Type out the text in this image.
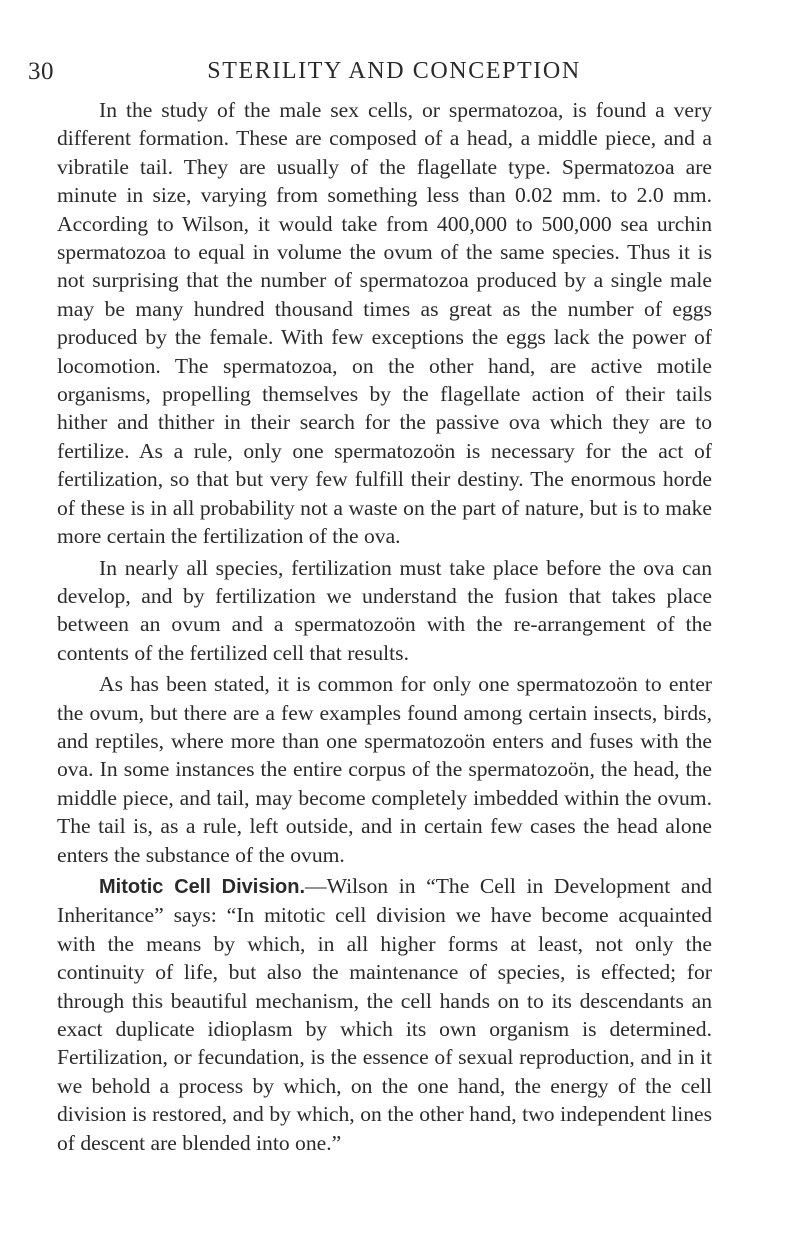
30	STERILITY AND CONCEPTION

In the study of the male sex cells, or spermatozoa, is found a very different formation. These are composed of a head, a middle piece, and a vibratile tail. They are usually of the flagellate type. Spermatozoa are minute in size, varying from something less than 0.02 mm. to 2.0 mm. According to Wilson, it would take from 400,000 to 500,000 sea urchin spermatozoa to equal in volume the ovum of the same species. Thus it is not surprising that the number of spermatozoa produced by a single male may be many hundred thousand times as great as the number of eggs produced by the female. With few exceptions the eggs lack the power of locomotion. The spermatozoa, on the other hand, are active motile organisms, propelling themselves by the flagellate action of their tails hither and thither in their search for the passive ova which they are to fertilize. As a rule, only one spermatozoön is necessary for the act of fertilization, so that but very few fulfill their destiny. The enormous horde of these is in all probability not a waste on the part of nature, but is to make more certain the fertilization of the ova.

In nearly all species, fertilization must take place before the ova can develop, and by fertilization we understand the fusion that takes place between an ovum and a spermatozoön with the re-arrangement of the contents of the fertilized cell that results.

As has been stated, it is common for only one spermatozoön to enter the ovum, but there are a few examples found among certain insects, birds, and reptiles, where more than one spermatozoön enters and fuses with the ova. In some instances the entire corpus of the spermatozoön, the head, the middle piece, and tail, may become completely imbedded within the ovum. The tail is, as a rule, left outside, and in certain few cases the head alone enters the substance of the ovum.

Mitotic Cell Division.—Wilson in “The Cell in Development and Inheritance” says: “In mitotic cell division we have become acquainted with the means by which, in all higher forms at least, not only the continuity of life, but also the maintenance of species, is effected; for through this beautiful mechanism, the cell hands on to its descendants an exact duplicate idioplasm by which its own organism is determined. Fertilization, or fecundation, is the essence of sexual reproduction, and in it we behold a process by which, on the one hand, the energy of the cell division is restored, and by which, on the other hand, two independent lines of descent are blended into one.”
